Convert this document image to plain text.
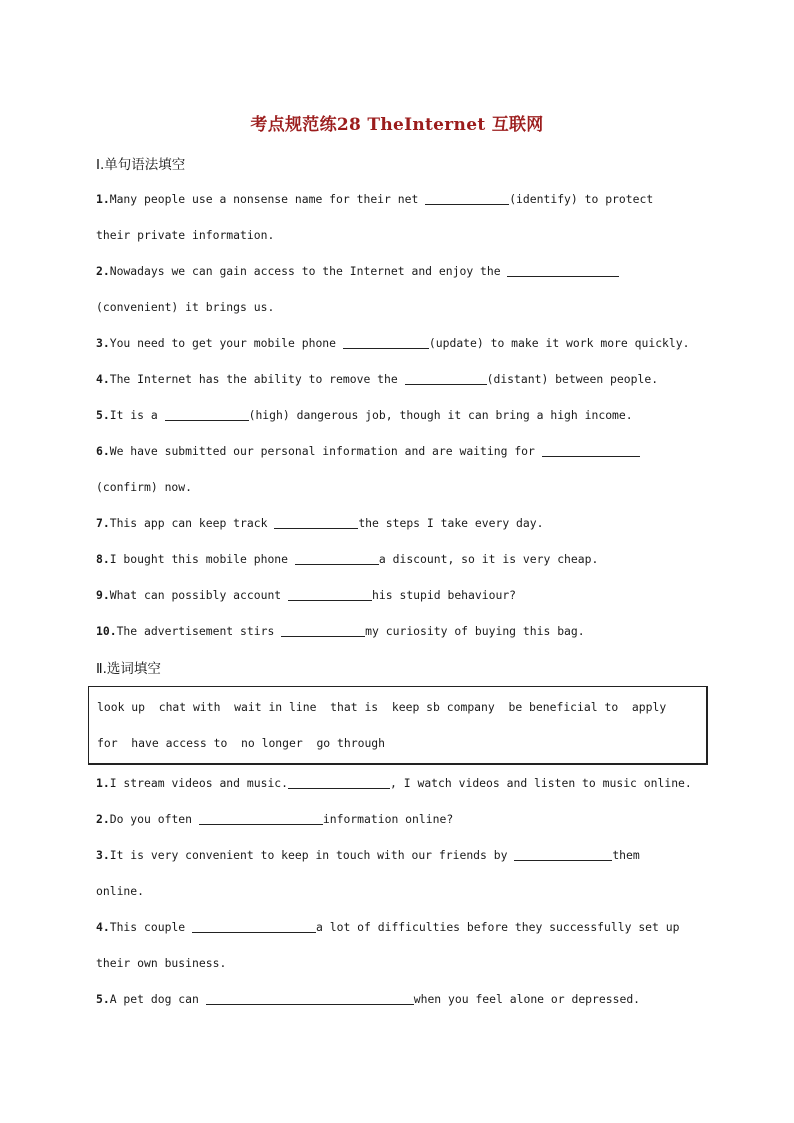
考点规范练28 TheInternet 互联网
Ⅰ.单句语法填空
1.Many people use a nonsense name for their net	(identify) to protect
their private information.
2.Nowadays we can gain access to the Internet and enjoy the
(convenient) it brings us.
3.You need to get your mobile phone	(update) to make it work more quickly.
4.The Internet has the ability to remove the	(distant) between people.
5.It is a	(high) dangerous job, though it can bring a high income.
6.We have submitted our personal information and are waiting for
(confirm) now.
7.This app can keep track	the steps I take every day.
8.I bought this mobile phone	a discount, so it is very cheap.
9.What can possibly account	his stupid behaviour?
10.The advertisement stirs	my curiosity of buying this bag.
Ⅱ.选词填空
look up  chat with  wait in line  that is  keep sb company  be beneficial to  apply
for  have access to  no longer  go through
1.I stream videos and music.	, I watch videos and listen to music online.
2.Do you often	information online?
3.It is very convenient to keep in touch with our friends by	them
online.
4.This couple	a lot of difficulties before they successfully set up
their own business.
5.A pet dog can	when you feel alone or depressed.
